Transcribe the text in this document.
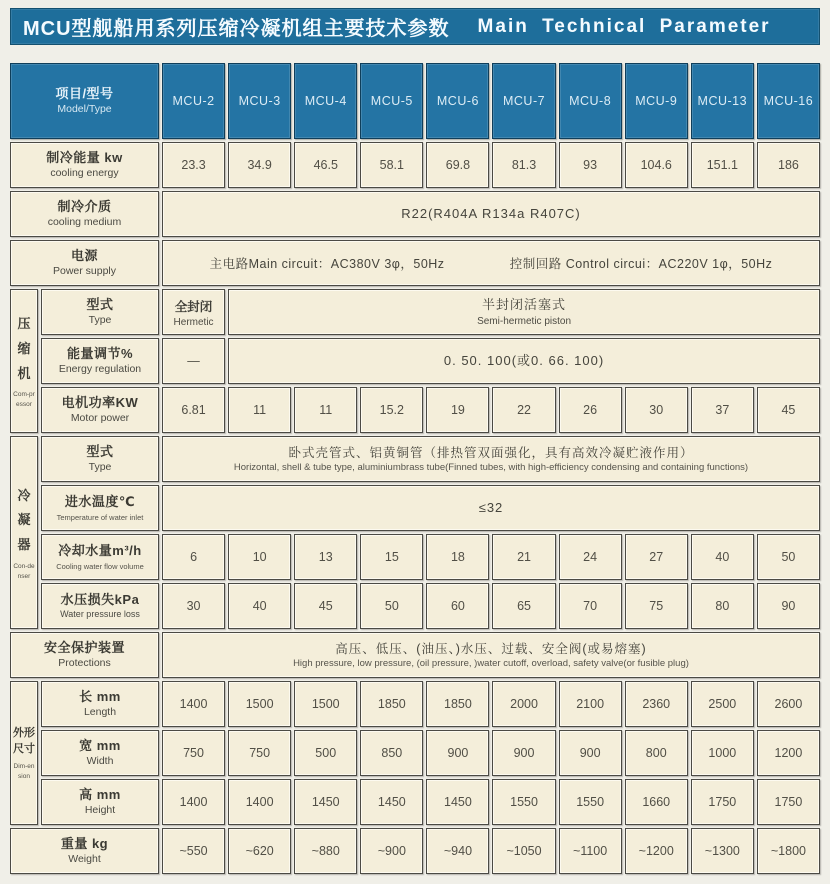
MCU型舰船用系列压缩冷凝机组主要技术参数 Main Technical Parameter
项目/型号
Model/Type
MCU-2	MCU-3	MCU-4	MCU-5	MCU-6	MCU-7	MCU-8	MCU-9	MCU-13	MCU-16
制冷能量 kw
cooling energy
23.3	34.9	46.5	58.1	69.8	81.3	93	104.6	151.1	186
制冷介质
cooling medium
R22(R404A R134a R407C)
电源
Power supply
主电路Main circuit：AC380V 3φ，50Hz	控制回路 Control circui：AC220V 1φ，50Hz
压缩机
Com-pressor
型式
Type
全封闭
Hermetic
半封闭活塞式
Semi-hermetic piston
能量调节%
Energy regulation
—	0. 50. 100(或0. 66. 100)
电机功率KW
Motor power
6.81	11	11	15.2	19	22	26	30	37	45
冷凝器
Con-denser
型式
Type
卧式壳管式、铝黄铜管（排热管双面强化，具有高效冷凝贮液作用）
Horizontal, shell & tube type, aluminiumbrass tube(Finned tubes, with high-efficiency condensing and containing functions)
进水温度℃
Temperature of water inlet
≤32
冷却水量m³/h
Cooling water flow volume
6	10	13	15	18	21	24	27	40	50
水压损失kPa
Water pressure loss
30	40	45	50	60	65	70	75	80	90
安全保护装置
Protections
高压、低压、(油压、)水压、过载、安全阀(或易熔塞)
High pressure, low pressure, (oil pressure, )water cutoff, overload, safety valve(or fusible plug)
外形尺寸
Dim-ension
长 mm
Length
1400	1500	1500	1850	1850	2000	2100	2360	2500	2600
宽 mm
Width
750	750	500	850	900	900	900	800	1000	1200
高 mm
Height
1400	1400	1450	1450	1450	1550	1550	1660	1750	1750
重量 kg
Weight
~550	~620	~880	~900	~940	~1050	~1100	~1200	~1300	~1800
